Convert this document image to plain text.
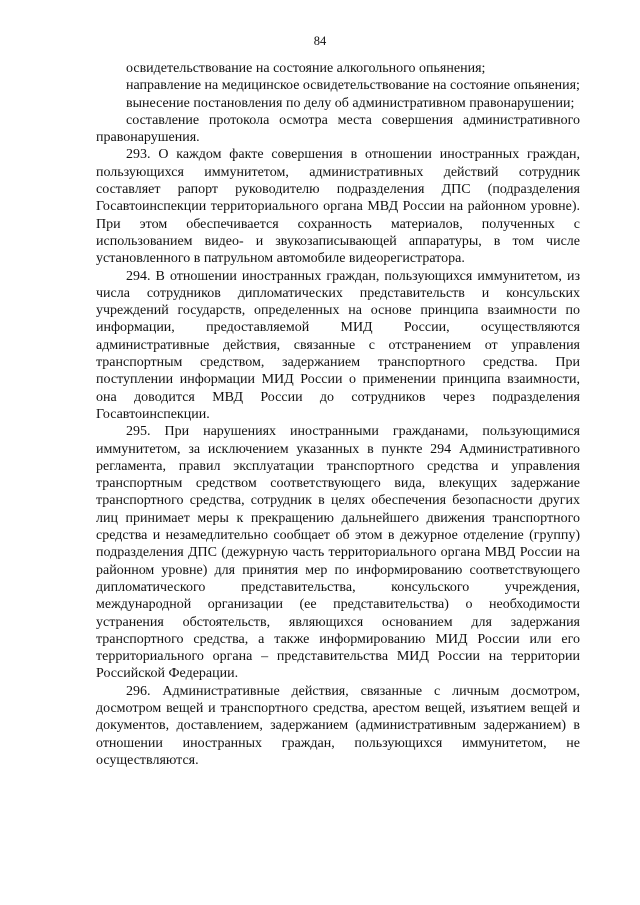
84

освидетельствование на состояние алкогольного опьянения;

направление на медицинское освидетельствование на состояние опьянения;

вынесение постановления по делу об административном правонарушении;

составление протокола осмотра места совершения административного правонарушения.

293. О каждом факте совершения в отношении иностранных граждан, пользующихся иммунитетом, административных действий сотрудник составляет рапорт руководителю подразделения ДПС (подразделения Госавтоинспекции территориального органа МВД России на районном уровне). При этом обеспечивается сохранность материалов, полученных с использованием видео- и звукозаписывающей аппаратуры, в том числе установленного в патрульном автомобиле видеорегистратора.

294. В отношении иностранных граждан, пользующихся иммунитетом, из числа сотрудников дипломатических представительств и консульских учреждений государств, определенных на основе принципа взаимности по информации, предоставляемой МИД России, осуществляются административные действия, связанные с отстранением от управления транспортным средством, задержанием транспортного средства. При поступлении информации МИД России о применении принципа взаимности, она доводится МВД России до сотрудников через подразделения Госавтоинспекции.

295. При нарушениях иностранными гражданами, пользующимися иммунитетом, за исключением указанных в пункте 294 Административного регламента, правил эксплуатации транспортного средства и управления транспортным средством соответствующего вида, влекущих задержание транспортного средства, сотрудник в целях обеспечения безопасности других лиц принимает меры к прекращению дальнейшего движения транспортного средства и незамедлительно сообщает об этом в дежурное отделение (группу) подразделения ДПС (дежурную часть территориального органа МВД России на районном уровне) для принятия мер по информированию соответствующего дипломатического представительства, консульского учреждения, международной организации (ее представительства) о необходимости устранения обстоятельств, являющихся основанием для задержания транспортного средства, а также информированию МИД России или его территориального органа – представительства МИД России на территории Российской Федерации.

296. Административные действия, связанные с личным досмотром, досмотром вещей и транспортного средства, арестом вещей, изъятием вещей и документов, доставлением, задержанием (административным задержанием) в отношении иностранных граждан, пользующихся иммунитетом, не осуществляются.
